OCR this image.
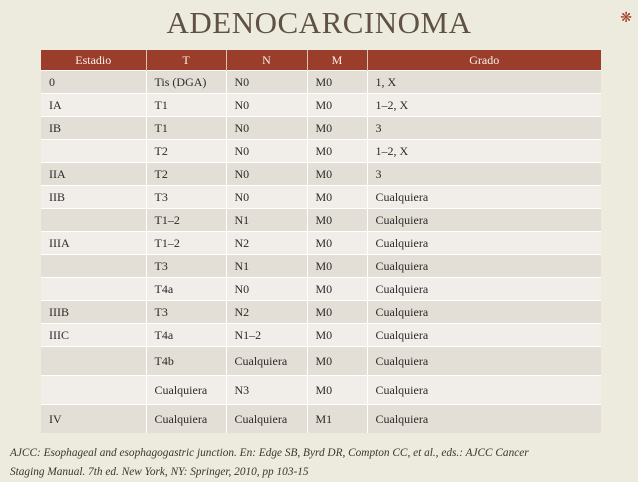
ADENOCARCINOMA	❋
Estadio	T	N	M	Grado
0	Tis (DGA)	N0	M0	1, X
IA	T1	N0	M0	1–2, X
IB	T1	N0	M0	3
	T2	N0	M0	1–2, X
IIA	T2	N0	M0	3
IIB	T3	N0	M0	Cualquiera
	T1–2	N1	M0	Cualquiera
IIIA	T1–2	N2	M0	Cualquiera
	T3	N1	M0	Cualquiera
	T4a	N0	M0	Cualquiera
IIIB	T3	N2	M0	Cualquiera
IIIC	T4a	N1–2	M0	Cualquiera
	T4b	Cualquiera	M0	Cualquiera
	Cualquiera	N3	M0	Cualquiera
IV	Cualquiera	Cualquiera	M1	Cualquiera
AJCC: Esophageal and esophagogastric junction. En: Edge SB, Byrd DR, Compton CC, et al., eds.: AJCC Cancer
Staging Manual. 7th ed. New York, NY: Springer, 2010, pp 103-15
